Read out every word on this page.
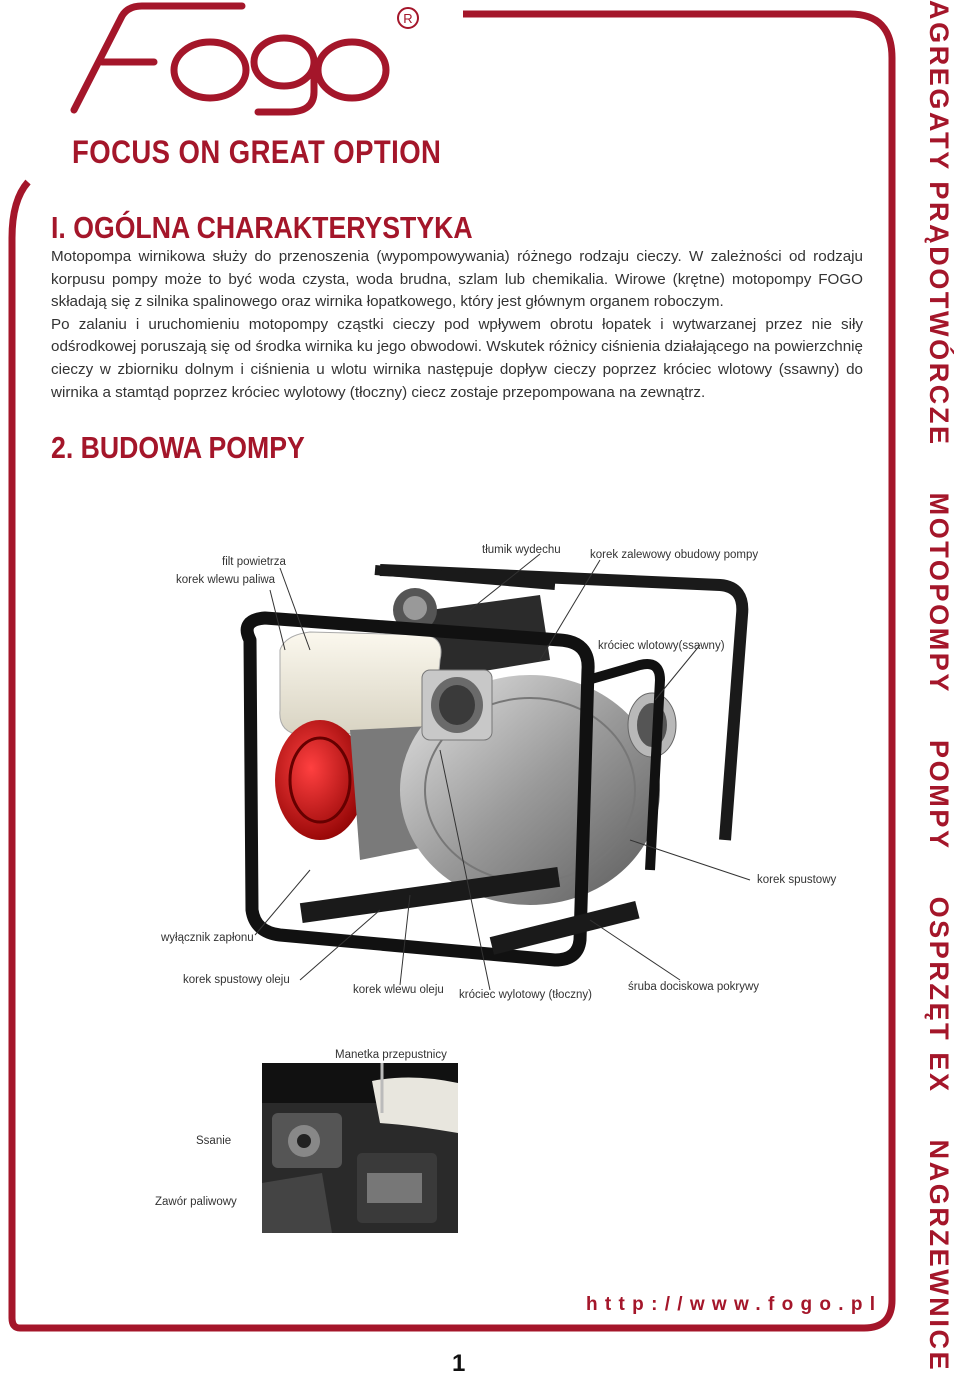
R
FOCUS ON GREAT OPTION
I. OGÓLNA CHARAKTERYSTYKA

Motopompa wirnikowa służy do przenoszenia (wypompowywania) różnego rodzaju cieczy. W zależności od rodzaju korpusu pompy może to być woda czysta, woda brudna, szlam lub chemikalia. Wirowe (krętne) motopompy FOGO składają się z silnika spalinowego oraz wirnika łopatkowego, który jest głównym organem roboczym.

Po zalaniu i uruchomieniu motopompy cząstki cieczy pod wpływem obrotu łopatek i wytwarzanej przez nie siły odśrodkowej poruszają się od środka wirnika ku jego obwodowi. Wskutek różnicy ciśnienia działającego na powierzchnię cieczy w zbiorniku dolnym i ciśnienia u wlotu wirnika następuje dopływ cieczy poprzez króciec wlotowy (ssawny) do wirnika a stamtąd poprzez króciec wylotowy (tłoczny) ciecz zostaje przepompowana na zewnątrz.

2. BUDOWA POMPY
filt powietrza
korek wlewu paliwa
tłumik wydechu	korek zalewowy obudowy pompy
króciec wlotowy(ssawny)
korek spustowy
wyłącznik zapłonu
korek spustowy oleju
korek wlewu oleju króciec wylotowy (tłoczny)
śruba dociskowa pokrywy
Manetka przepustnicy
Ssanie
Zawór paliwowy
AGREGATY PRĄDOTWÓRCZE
MOTOPOMPY
POMPY
OSPRZĘT EX
NAGRZEWNICE
http://www.fogo.pl
1
